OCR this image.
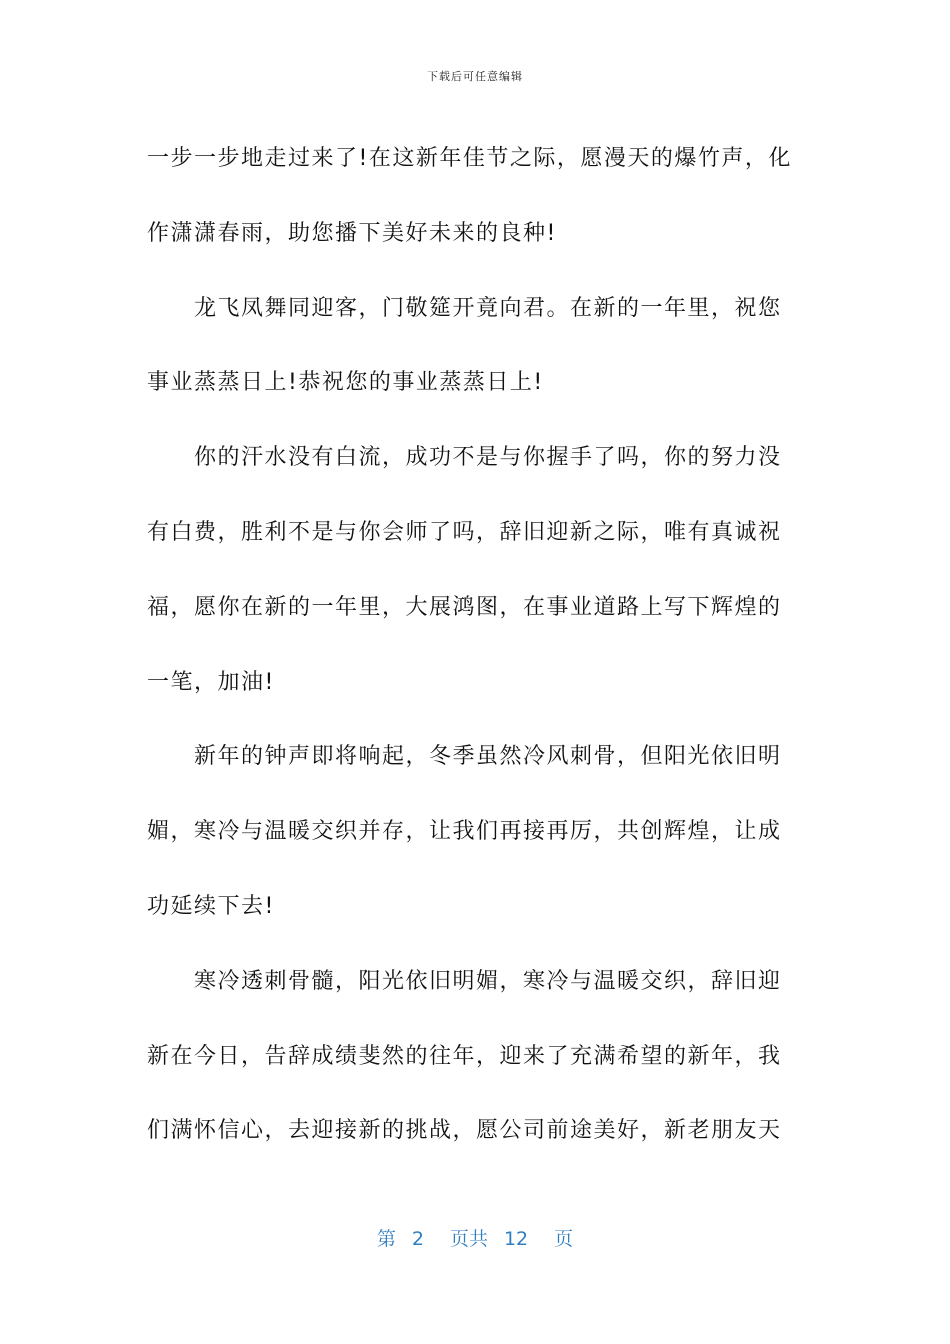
下载后可任意编辑
一步一步地走过来了!在这新年佳节之际，愿漫天的爆竹声，化
作潇潇春雨，助您播下美好未来的良种!
龙飞凤舞同迎客，门敬筵开竟向君。在新的一年里，祝您
事业蒸蒸日上!恭祝您的事业蒸蒸日上!
你的汗水没有白流，成功不是与你握手了吗，你的努力没
有白费，胜利不是与你会师了吗，辞旧迎新之际，唯有真诚祝
福，愿你在新的一年里，大展鸿图，在事业道路上写下辉煌的
一笔，加油!
新年的钟声即将响起，冬季虽然冷风刺骨，但阳光依旧明
媚，寒冷与温暖交织并存，让我们再接再厉，共创辉煌，让成
功延续下去!
寒冷透刺骨髓，阳光依旧明媚，寒冷与温暖交织，辞旧迎
新在今日，告辞成绩斐然的往年，迎来了充满希望的新年，我
们满怀信心，去迎接新的挑战，愿公司前途美好，新老朋友天
第 2 页共 12 页
